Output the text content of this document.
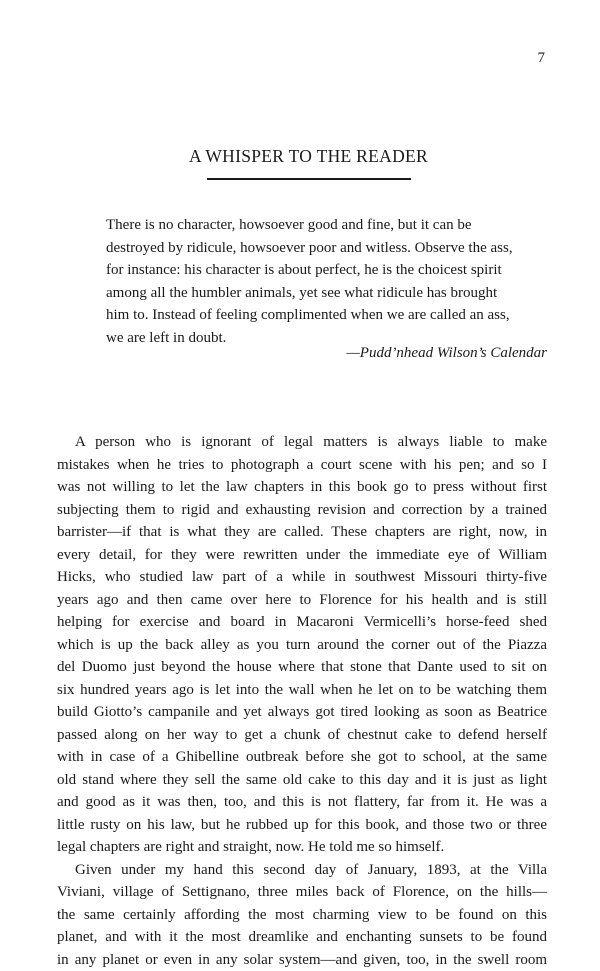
7
A WHISPER TO THE READER

There is no character, howsoever good and fine, but it can be

destroyed by ridicule, howsoever poor and witless. Observe the ass,

for instance: his character is about perfect, he is the choicest spirit

among all the humbler animals, yet see what ridicule has brought

him to. Instead of feeling complimented when we are called an ass,

we are left in doubt.

—Pudd’nhead Wilson’s Calendar
A person who is ignorant of legal matters is always liable to make
mistakes when he tries to photograph a court scene with his pen; and so I
was not willing to let the law chapters in this book go to press without first
subjecting them to rigid and exhausting revision and correction by a trained
barrister—if that is what they are called. These chapters are right, now, in
every detail, for they were rewritten under the immediate eye of William
Hicks, who studied law part of a while in southwest Missouri thirty-five
years ago and then came over here to Florence for his health and is still
helping for exercise and board in Macaroni Vermicelli’s horse-feed shed
which is up the back alley as you turn around the corner out of the Piazza
del Duomo just beyond the house where that stone that Dante used to sit on
six hundred years ago is let into the wall when he let on to be watching them
build Giotto’s campanile and yet always got tired looking as soon as Beatrice
passed along on her way to get a chunk of chestnut cake to defend herself
with in case of a Ghibelline outbreak before she got to school, at the same
old stand where they sell the same old cake to this day and it is just as light
and good as it was then, too, and this is not flattery, far from it. He was a
little rusty on his law, but he rubbed up for this book, and those two or three
legal chapters are right and straight, now. He told me so himself.
Given under my hand this second day of January, 1893, at the Villa
Viviani, village of Settignano, three miles back of Florence, on the hills—
the same certainly affording the most charming view to be found on this
planet, and with it the most dreamlike and enchanting sunsets to be found
in any planet or even in any solar system—and given, too, in the swell room
